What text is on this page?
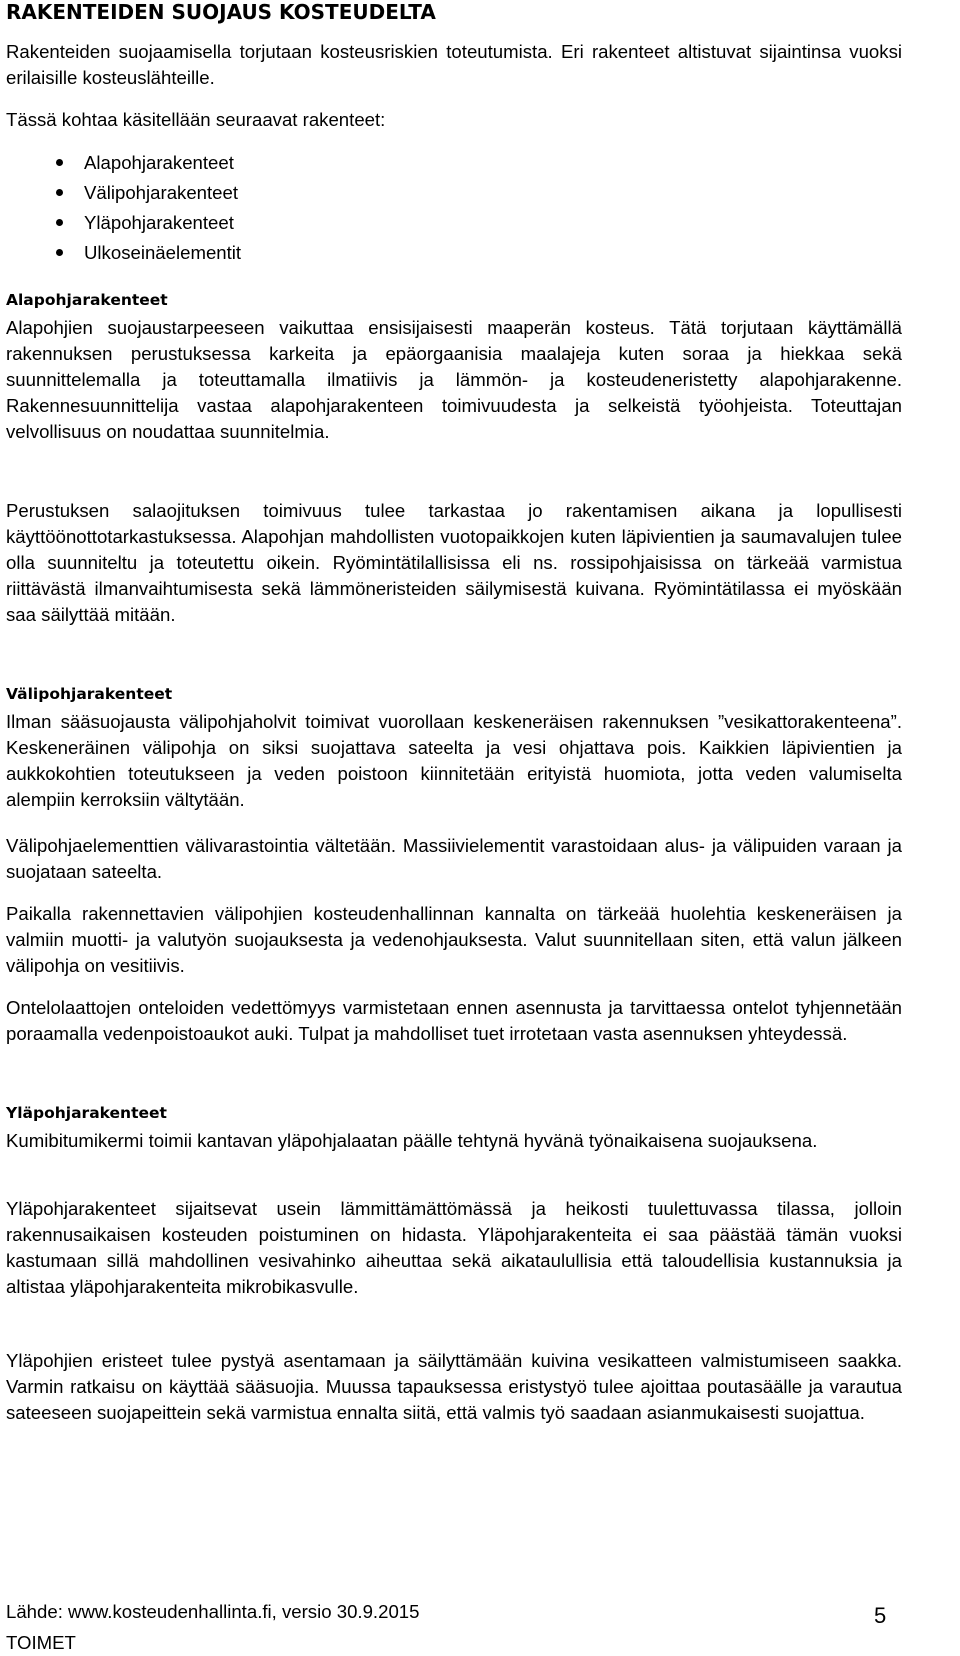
RAKENTEIDEN SUOJAUS KOSTEUDELTA

Rakenteiden suojaamisella torjutaan kosteusriskien toteutumista. Eri rakenteet altistuvat sijaintinsa vuoksi erilaisille kosteuslähteille.

Tässä kohtaa käsitellään seuraavat rakenteet:

Alapohjarakenteet
Välipohjarakenteet
Yläpohjarakenteet
Ulkoseinäelementit
Alapohjarakenteet

Alapohjien suojaustarpeeseen vaikuttaa ensisijaisesti maaperän kosteus. Tätä torjutaan käyttämällä rakennuksen perustuksessa karkeita ja epäorgaanisia maalajeja kuten soraa ja hiekkaa sekä suunnittelemalla ja toteuttamalla ilmatiivis ja lämmön- ja kosteudeneristetty alapohjarakenne. Rakennesuunnittelija vastaa alapohjarakenteen toimivuudesta ja selkeistä työohjeista. Toteuttajan velvollisuus on noudattaa suunnitelmia.

Perustuksen salaojituksen toimivuus tulee tarkastaa jo rakentamisen aikana ja lopullisesti käyttöönottotarkastuksessa. Alapohjan mahdollisten vuotopaikkojen kuten läpivientien ja saumavalujen tulee olla suunniteltu ja toteutettu oikein. Ryömintätilallisissa eli ns. rossipohjaisissa on tärkeää varmistua riittävästä ilmanvaihtumisesta sekä lämmöneristeiden säilymisestä kuivana. Ryömintätilassa ei myöskään saa säilyttää mitään.

Välipohjarakenteet

Ilman sääsuojausta välipohjaholvit toimivat vuorollaan keskeneräisen rakennuksen ”vesikattorakenteena”. Keskeneräinen välipohja on siksi suojattava sateelta ja vesi ohjattava pois. Kaikkien läpivientien ja aukkokohtien toteutukseen ja veden poistoon kiinnitetään erityistä huomiota, jotta veden valumiselta alempiin kerroksiin vältytään.

Välipohjaelementtien välivarastointia vältetään. Massiivielementit varastoidaan alus- ja välipuiden varaan ja suojataan sateelta.

Paikalla rakennettavien välipohjien kosteudenhallinnan kannalta on tärkeää huolehtia keskeneräisen ja valmiin muotti- ja valutyön suojauksesta ja vedenohjauksesta. Valut suunnitellaan siten, että valun jälkeen välipohja on vesitiivis.

Ontelolaattojen onteloiden vedettömyys varmistetaan ennen asennusta ja tarvittaessa ontelot tyhjennetään poraamalla vedenpoistoaukot auki. Tulpat ja mahdolliset tuet irrotetaan vasta asennuksen yhteydessä.

Yläpohjarakenteet

Kumibitumikermi toimii kantavan yläpohjalaatan päälle tehtynä hyvänä työnaikaisena suojauksena.

Yläpohjarakenteet sijaitsevat usein lämmittämättömässä ja heikosti tuulettuvassa tilassa, jolloin rakennusaikaisen kosteuden poistuminen on hidasta. Yläpohjarakenteita ei saa päästää tämän vuoksi kastumaan sillä mahdollinen vesivahinko aiheuttaa sekä aikataulullisia että taloudellisia kustannuksia ja altistaa yläpohjarakenteita mikrobikasvulle.

Yläpohjien eristeet tulee pystyä asentamaan ja säilyttämään kuivina vesikatteen valmistumiseen saakka. Varmin ratkaisu on käyttää sääsuojia. Muussa tapauksessa eristystyö tulee ajoittaa poutasäälle ja varautua sateeseen suojapeittein sekä varmistua ennalta siitä, että valmis työ saadaan asianmukaisesti suojattua.

Lähde: www.kosteudenhallinta.fi, versio 30.9.2015	5

TOIMET
